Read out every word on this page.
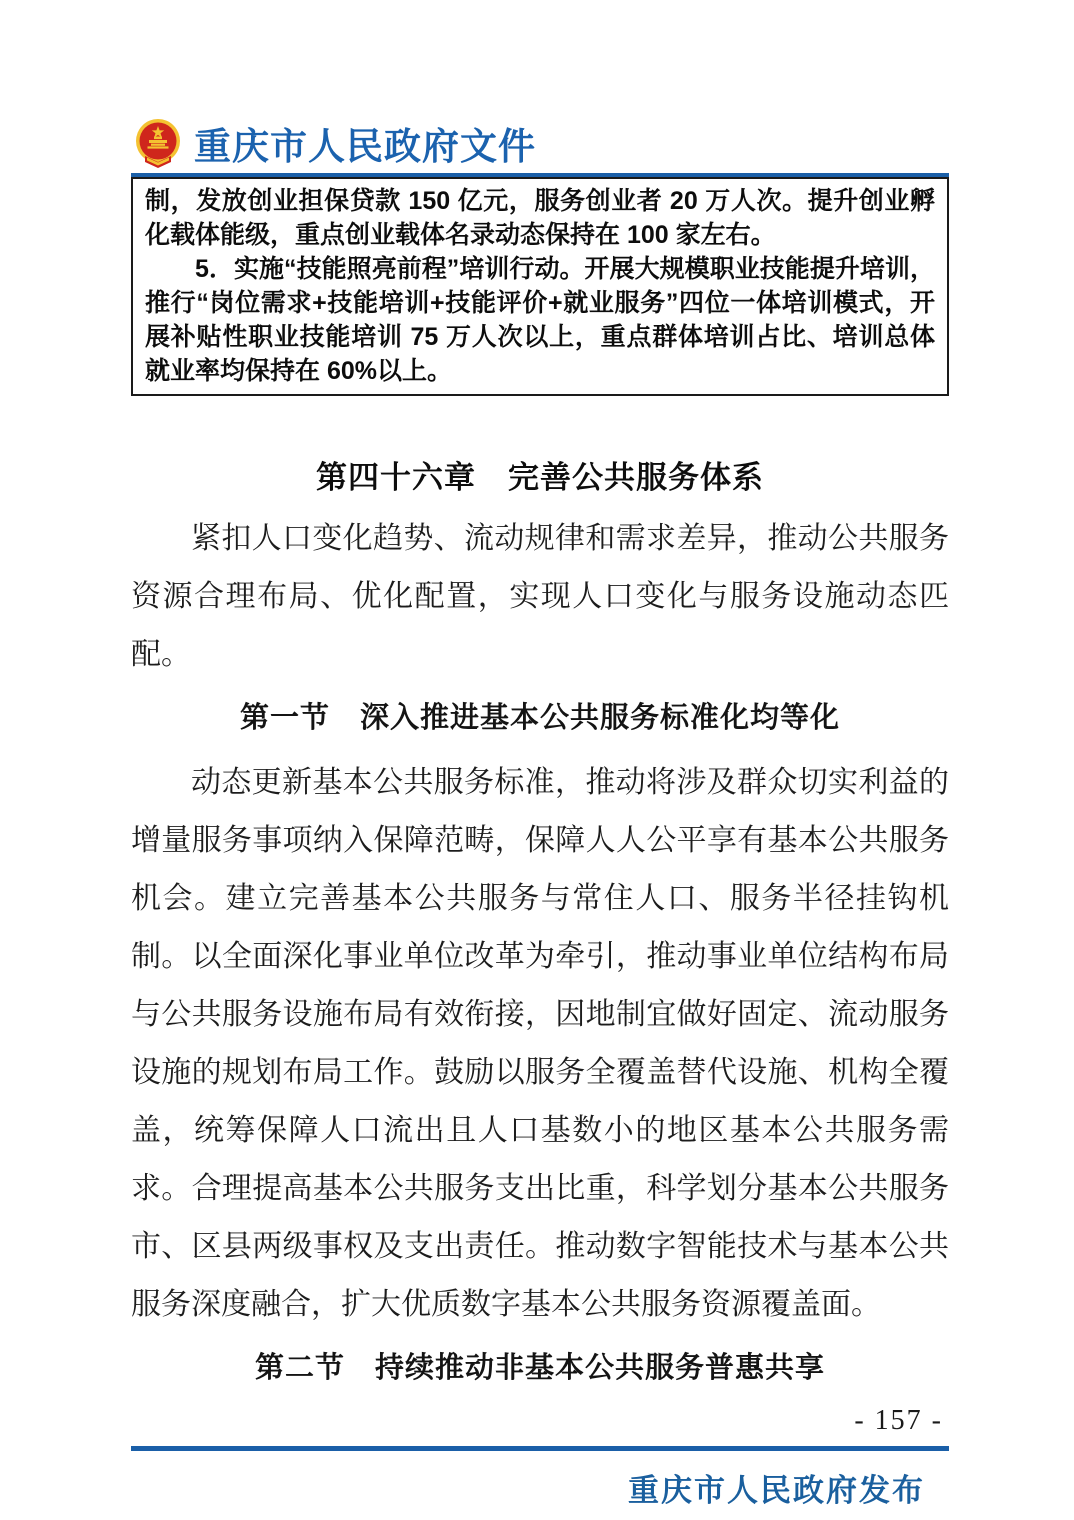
重庆市人民政府文件

制，发放创业担保贷款 150 亿元，服务创业者 20 万人次。提升创业孵化载体能级，重点创业载体名录动态保持在 100 家左右。

5．实施“技能照亮前程”培训行动。开展大规模职业技能提升培训，推行“岗位需求+技能培训+技能评价+就业服务”四位一体培训模式，开展补贴性职业技能培训 75 万人次以上，重点群体培训占比、培训总体就业率均保持在 60%以上。

第四十六章　完善公共服务体系

紧扣人口变化趋势、流动规律和需求差异，推动公共服务资源合理布局、优化配置，实现人口变化与服务设施动态匹配。

第一节　深入推进基本公共服务标准化均等化

动态更新基本公共服务标准，推动将涉及群众切实利益的增量服务事项纳入保障范畴，保障人人公平享有基本公共服务机会。建立完善基本公共服务与常住人口、服务半径挂钩机制。以全面深化事业单位改革为牵引，推动事业单位结构布局与公共服务设施布局有效衔接，因地制宜做好固定、流动服务设施的规划布局工作。鼓励以服务全覆盖替代设施、机构全覆盖，统筹保障人口流出且人口基数小的地区基本公共服务需求。合理提高基本公共服务支出比重，科学划分基本公共服务市、区县两级事权及支出责任。推动数字智能技术与基本公共服务深度融合，扩大优质数字基本公共服务资源覆盖面。

第二节　持续推动非基本公共服务普惠共享
- 157 -
重庆市人民政府发布
